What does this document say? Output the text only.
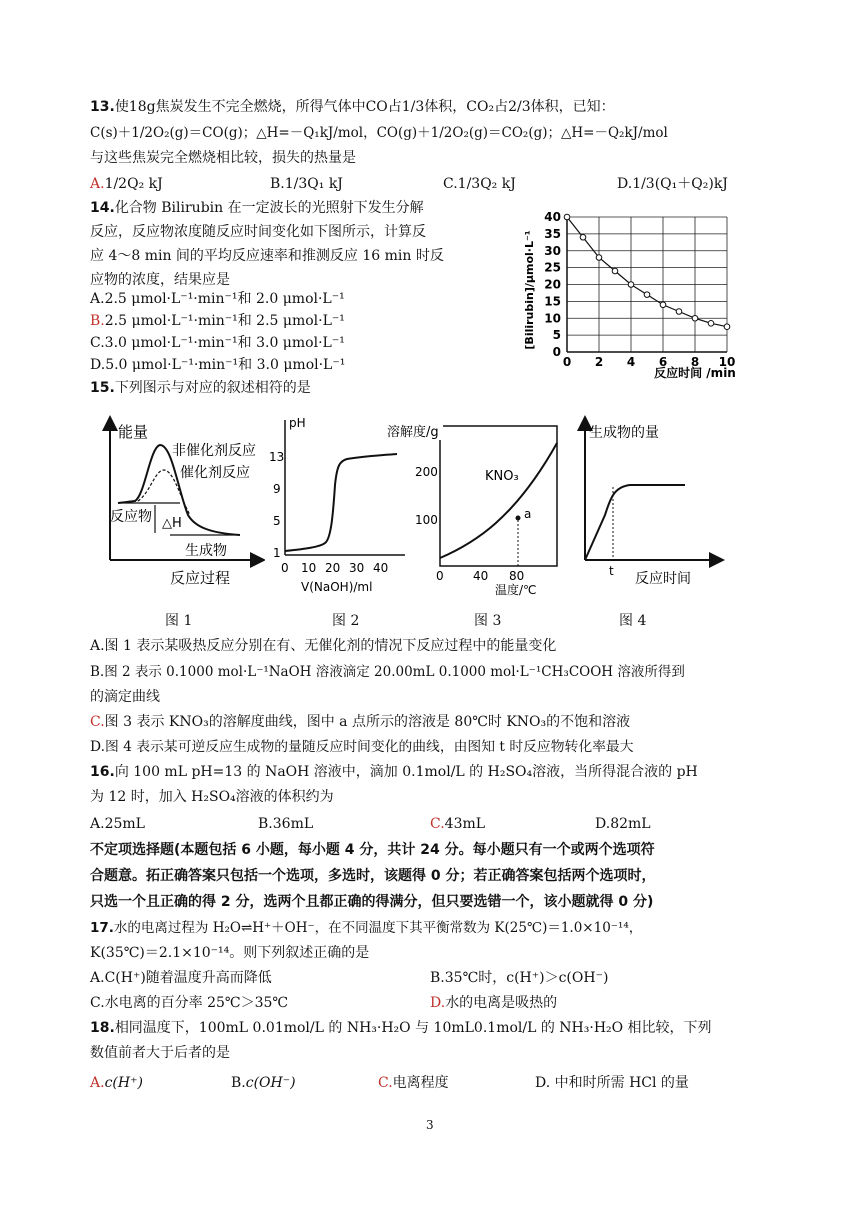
13.使18g焦炭发生不完全燃烧，所得气体中CO占1/3体积，CO₂占2/3体积，已知：
C(s)＋1/2O₂(g)＝CO(g)；△H=－Q₁kJ/mol，CO(g)＋1/2O₂(g)＝CO₂(g)；△H=－Q₂kJ/mol
与这些焦炭完全燃烧相比较，损失的热量是
A.1/2Q₂ kJ	B.1/3Q₁ kJ	C.1/3Q₂ kJ	D.1/3(Q₁＋Q₂)kJ
14.化合物 Bilirubin 在一定波长的光照射下发生分解
反应，反应物浓度随反应时间变化如下图所示，计算反
应 4～8 min 间的平均反应速率和推测反应 16 min 时反
应物的浓度，结果应是
A.2.5 μmol·L⁻¹·min⁻¹和 2.0 μmol·L⁻¹
B.2.5 μmol·L⁻¹·min⁻¹和 2.5 μmol·L⁻¹
C.3.0 μmol·L⁻¹·min⁻¹和 3.0 μmol·L⁻¹
D.5.0 μmol·L⁻¹·min⁻¹和 3.0 μmol·L⁻¹
0
5
10
15
20
25
30
35
40
0 2 4 6 8 10
[Bilirubin]/μmol·L⁻¹
反应时间 /min
15.下列图示与对应的叙述相符的是
能量
非催化剂反应
催化剂反应
反应物 △H
生成物
反应过程
pH
1
5
9
13
0 10 20 30 40
V(NaOH)/ml
溶解度/g
200
100
KNO₃
a
0 40 80
温度/℃
生成物的量
t 反应时间
图 1	图 2	图 3	图 4
A.图 1 表示某吸热反应分别在有、无催化剂的情况下反应过程中的能量变化
B.图 2 表示 0.1000 mol·L⁻¹NaOH 溶液滴定 20.00mL 0.1000 mol·L⁻¹CH₃COOH 溶液所得到
的滴定曲线
C.图 3 表示 KNO₃的溶解度曲线，图中 a 点所示的溶液是 80℃时 KNO₃的不饱和溶液
D.图 4 表示某可逆反应生成物的量随反应时间变化的曲线，由图知 t 时反应物转化率最大
16.向 100 mL pH=13 的 NaOH 溶液中，滴加 0.1mol/L 的 H₂SO₄溶液，当所得混合液的 pH
为 12 时，加入 H₂SO₄溶液的体积约为
A.25mL	B.36mL	C.43mL	D.82mL
不定项选择题(本题包括 6 小题，每小题 4 分，共计 24 分。每小题只有一个或两个选项符
合题意。拓正确答案只包括一个选项，多选时，该题得 0 分；若正确答案包括两个选项时，
只选一个且正确的得 2 分，选两个且都正确的得满分，但只要选错一个，该小题就得 0 分)
17.水的电离过程为 H₂O⇌H⁺＋OH⁻，在不同温度下其平衡常数为 K(25℃)＝1.0×10⁻¹⁴，
K(35℃)＝2.1×10⁻¹⁴。则下列叙述正确的是
A.C(H⁺)随着温度升高而降低	B.35℃时，c(H⁺)＞c(OH⁻)
C.水电离的百分率 25℃＞35℃	D.水的电离是吸热的
18.相同温度下，100mL 0.01mol/L 的 NH₃·H₂O 与 10mL0.1mol/L 的 NH₃·H₂O 相比较，下列
数值前者大于后者的是
A.c(H⁺)	B.c(OH⁻)	C.电离程度	D. 中和时所需 HCl 的量
3
